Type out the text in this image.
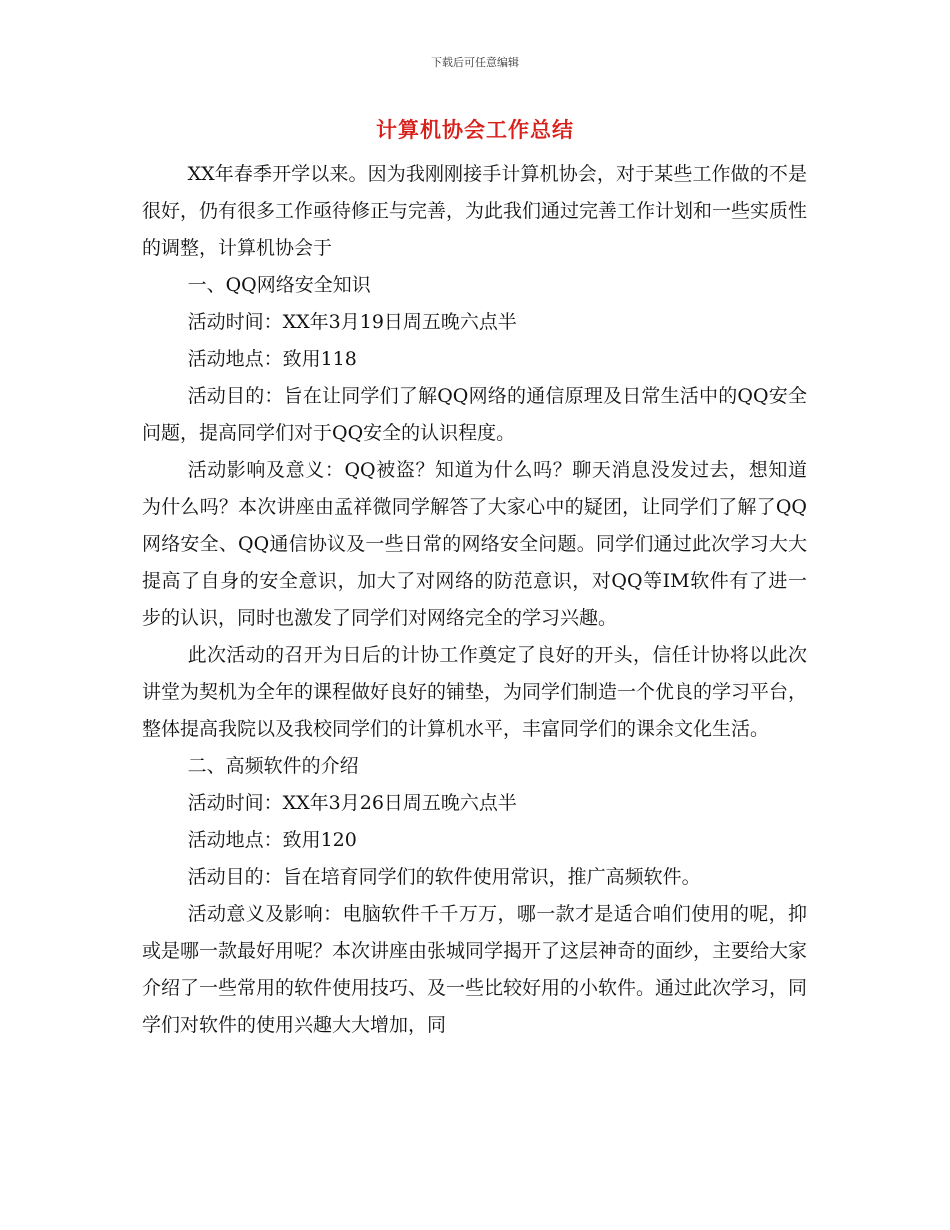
下载后可任意编辑
计算机协会工作总结

XX年春季开学以来。因为我刚刚接手计算机协会，对于某些工作做的不是很好，仍有很多工作亟待修正与完善，为此我们通过完善工作计划和一些实质性的调整，计算机协会于

一、QQ网络安全知识

活动时间：XX年3月19日周五晚六点半

活动地点：致用118

活动目的：旨在让同学们了解QQ网络的通信原理及日常生活中的QQ安全问题，提高同学们对于QQ安全的认识程度。

活动影响及意义：QQ被盗？知道为什么吗？聊天消息没发过去，想知道为什么吗？本次讲座由孟祥微同学解答了大家心中的疑团，让同学们了解了QQ网络安全、QQ通信协议及一些日常的网络安全问题。同学们通过此次学习大大提高了自身的安全意识，加大了对网络的防范意识，对QQ等IM软件有了进一步的认识，同时也激发了同学们对网络完全的学习兴趣。

此次活动的召开为日后的计协工作奠定了良好的开头，信任计协将以此次讲堂为契机为全年的课程做好良好的铺垫，为同学们制造一个优良的学习平台，整体提高我院以及我校同学们的计算机水平，丰富同学们的课余文化生活。

二、高频软件的介绍

活动时间：XX年3月26日周五晚六点半

活动地点：致用120

活动目的：旨在培育同学们的软件使用常识，推广高频软件。

活动意义及影响：电脑软件千千万万，哪一款才是适合咱们使用的呢，抑或是哪一款最好用呢？本次讲座由张城同学揭开了这层神奇的面纱，主要给大家介绍了一些常用的软件使用技巧、及一些比较好用的小软件。通过此次学习，同学们对软件的使用兴趣大大增加，同
